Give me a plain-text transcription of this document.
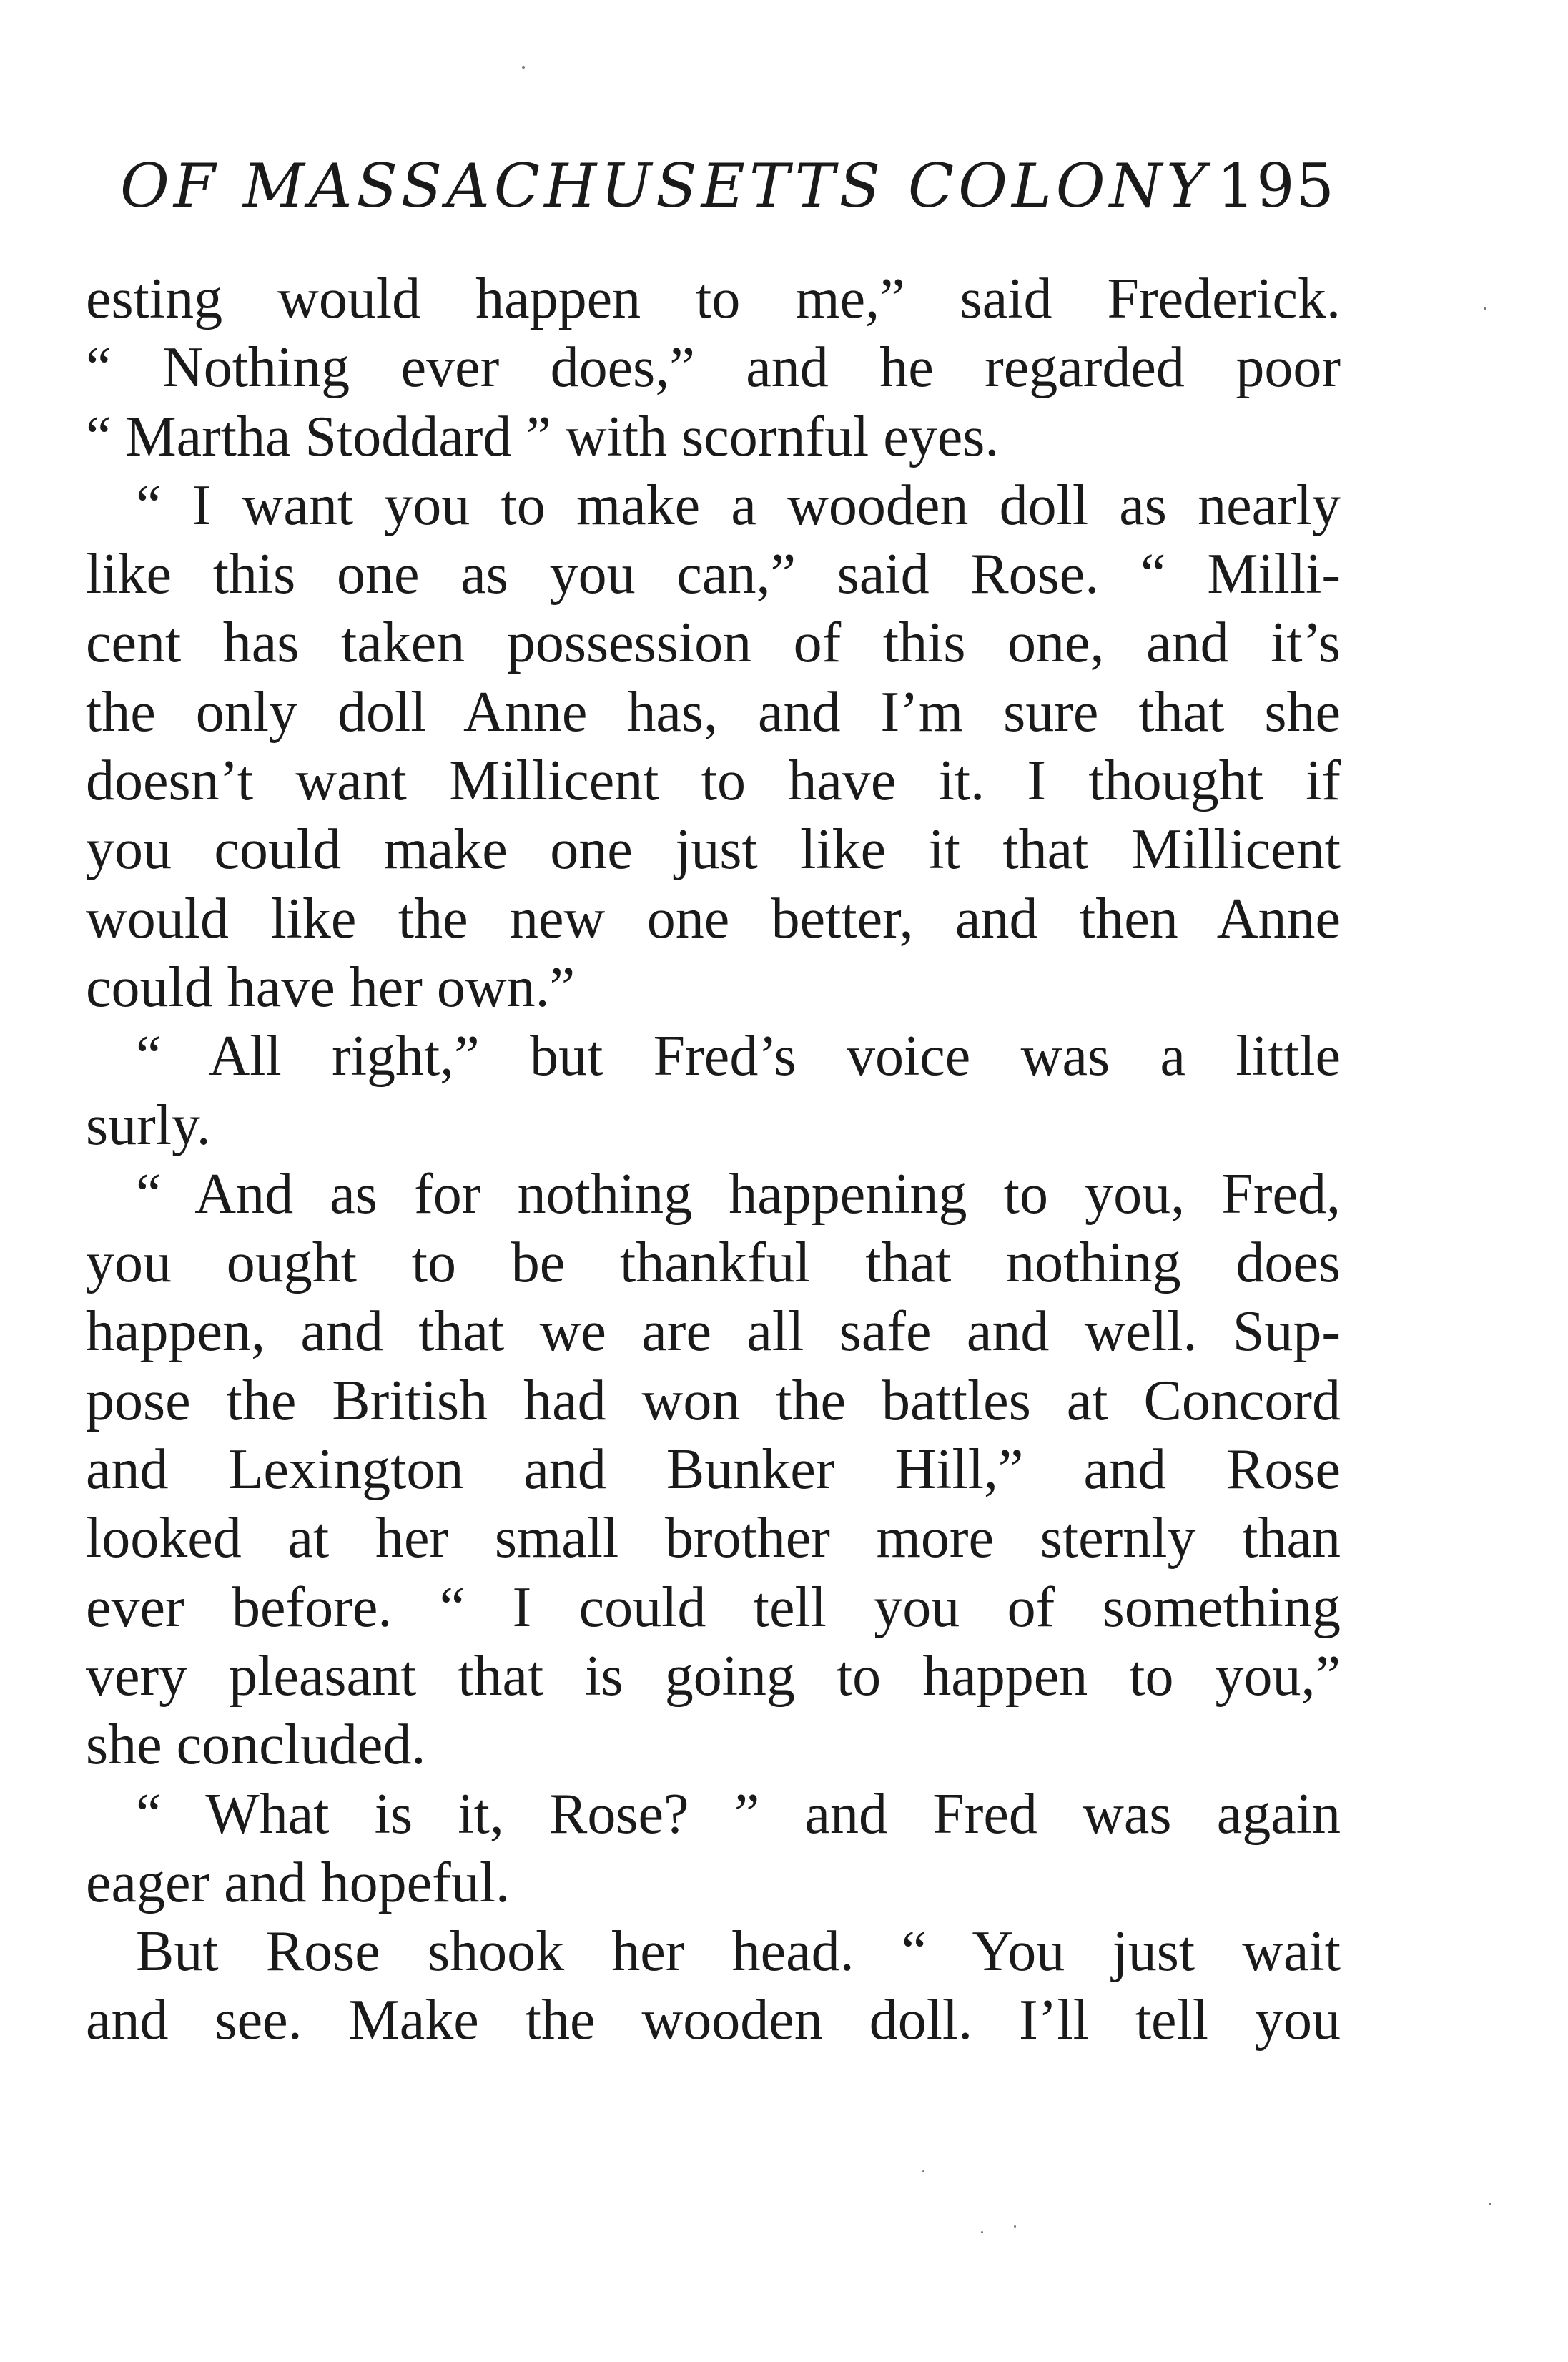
OF MASSACHUSETTS COLONY 195
esting would happen to me,” said Frederick.
“ Nothing ever does,” and he regarded poor
“ Martha Stoddard ” with scornful eyes.
“ I want you to make a wooden doll as nearly
like this one as you can,” said Rose. “ Milli-
cent has taken possession of this one, and it’s
the only doll Anne has, and I’m sure that she
doesn’t want Millicent to have it. I thought if
you could make one just like it that Millicent
would like the new one better, and then Anne
could have her own.”
“ All right,” but Fred’s voice was a little
surly.
“ And as for nothing happening to you, Fred,
you ought to be thankful that nothing does
happen, and that we are all safe and well. Sup-
pose the British had won the battles at Concord
and Lexington and Bunker Hill,” and Rose
looked at her small brother more sternly than
ever before. “ I could tell you of something
very pleasant that is going to happen to you,”
she concluded.
“ What is it, Rose? ” and Fred was again
eager and hopeful.
But Rose shook her head. “ You just wait
and see. Make the wooden doll. I’ll tell you
